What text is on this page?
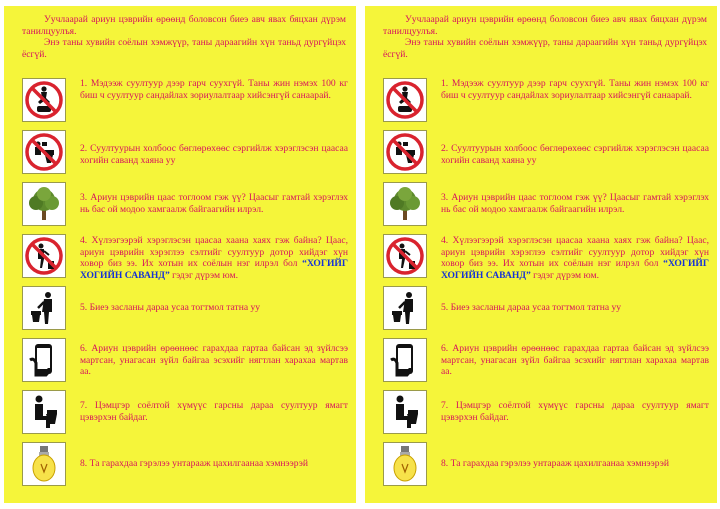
Уучлаарай ариун цэврийн өрөөнд боловсон биеэ авч явах бяцхан дүрэм танилцуулъя.

Энэ таны хувийн соёлын хэмжүүр, таны дараагийн хүн таньд дургүйцэх ёсгүй.

1. Мэдээж суултуур дээр гарч суухгүй. Таны жин нэмэх 100 кг биш ч суултуур сандайлах зориулалтаар хийсэнгүй санаарай.
2. Суултуурын холбоос бөглөрөхөөс сэргийлж хэрэглэсэн цаасаа хогийн саванд хаяна уу
3. Ариун цэврийн цаас тоглоом гэж үү? Цаасыг гамтай хэрэглэх нь бас ой модоо хамгаалж байгаагийн илрэл.
4. Хүлээгээрэй хэрэглэсэн цаасаа хаана хаях гэж байна? Цаас, ариун цэврийн хэрэглээ сэлтийг суултуур дотор хийдэг хүн ховор биз ээ. Их хотын их соёлын нэг илрэл бол “ХОГИЙГ ХОГИЙН САВАНД” гэдэг дүрэм юм.
5. Биеэ засланы дараа усаа тогтмол татна уу
6. Ариун цэврийн өрөөнөөс гарахдаа гартаа байсан эд зүйлсээ мартсан, унагасан зүйл байгаа эсэхийг нягтлан харахаа мартав аа.
7. Цэмцгэр соёлтой хүмүүс гарсны дараа суултуур ямагт цэвэрхэн байдаг.
8. Та гарахдаа гэрэлээ унтарааж цахилгаанаа хэмнээрэй

Уучлаарай ариун цэврийн өрөөнд боловсон биеэ авч явах бяцхан дүрэм танилцуулъя.

Энэ таны хувийн соёлын хэмжүүр, таны дараагийн хүн таньд дургүйцэх ёсгүй.

1. Мэдээж суултуур дээр гарч суухгүй. Таны жин нэмэх 100 кг биш ч суултуур сандайлах зориулалтаар хийсэнгүй санаарай.
2. Суултуурын холбоос бөглөрөхөөс сэргийлж хэрэглэсэн цаасаа хогийн саванд хаяна уу
3. Ариун цэврийн цаас тоглоом гэж үү? Цаасыг гамтай хэрэглэх нь бас ой модоо хамгаалж байгаагийн илрэл.
4. Хүлээгээрэй хэрэглэсэн цаасаа хаана хаях гэж байна? Цаас, ариун цэврийн хэрэглээ сэлтийг суултуур дотор хийдэг хүн ховор биз ээ. Их хотын их соёлын нэг илрэл бол “ХОГИЙГ ХОГИЙН САВАНД” гэдэг дүрэм юм.
5. Биеэ засланы дараа усаа тогтмол татна уу
6. Ариун цэврийн өрөөнөөс гарахдаа гартаа байсан эд зүйлсээ мартсан, унагасан зүйл байгаа эсэхийг нягтлан харахаа мартав аа.
7. Цэмцгэр соёлтой хүмүүс гарсны дараа суултуур ямагт цэвэрхэн байдаг.
8. Та гарахдаа гэрэлээ унтарааж цахилгаанаа хэмнээрэй
